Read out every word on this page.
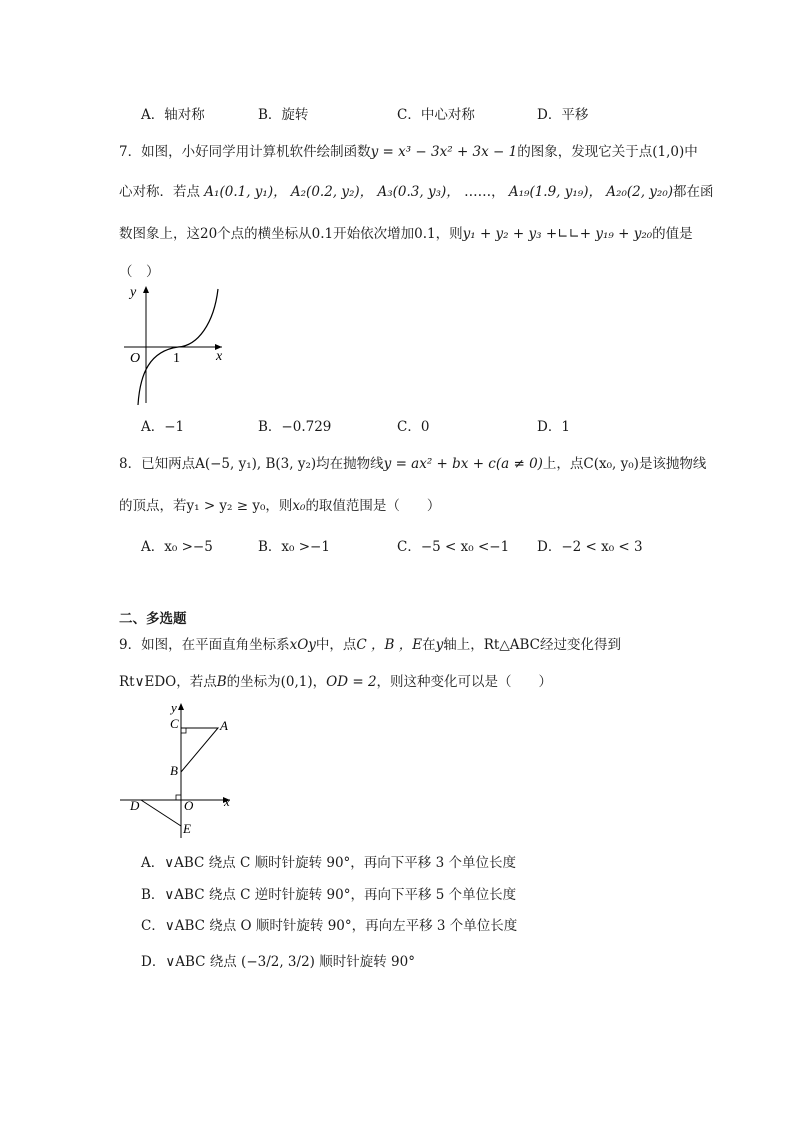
A．轴对称	B．旋转	C．中心对称	D．平移
7．如图，小好同学用计算机软件绘制函数y = x³ − 3x² + 3x − 1的图象，发现它关于点(1,0)中
心对称．若点 A₁(0.1, y₁)， A₂(0.2, y₂)， A₃(0.3, y₃)， ……， A₁₉(1.9, y₁₉)， A₂₀(2, y₂₀)都在函
数图象上，这20个点的横坐标从0.1开始依次增加0.1，则y₁ + y₂ + y₃ +∟∟+ y₁₉ + y₂₀的值是
（　）
y
x
O 1
A．−1	B．−0.729	C．0	D．1
8．已知两点A(−5, y₁), B(3, y₂)均在抛物线y = ax² + bx + c(a ≠ 0)上，点C(x₀, y₀)是该抛物线
的顶点，若y₁ > y₂ ≥ y₀，则x₀的取值范围是（　　）
A．x₀ >−5	B．x₀ >−1	C．−5 < x₀ <−1 D．−2 < x₀ < 3
二、多选题
9．如图，在平面直角坐标系xOy中，点C ，B ，E在y轴上，Rt△ABC经过变化得到
Rt∨EDO，若点B的坐标为(0,1)，OD = 2，则这种变化可以是（　　）
C	A
B
D	O
E
y
x
A．∨ABC 绕点 C 顺时针旋转 90°，再向下平移 3 个单位长度
B．∨ABC 绕点 C 逆时针旋转 90°，再向下平移 5 个单位长度
C．∨ABC 绕点 O 顺时针旋转 90°，再向左平移 3 个单位长度
D．∨ABC 绕点 (−3/2, 3/2) 顺时针旋转 90°
